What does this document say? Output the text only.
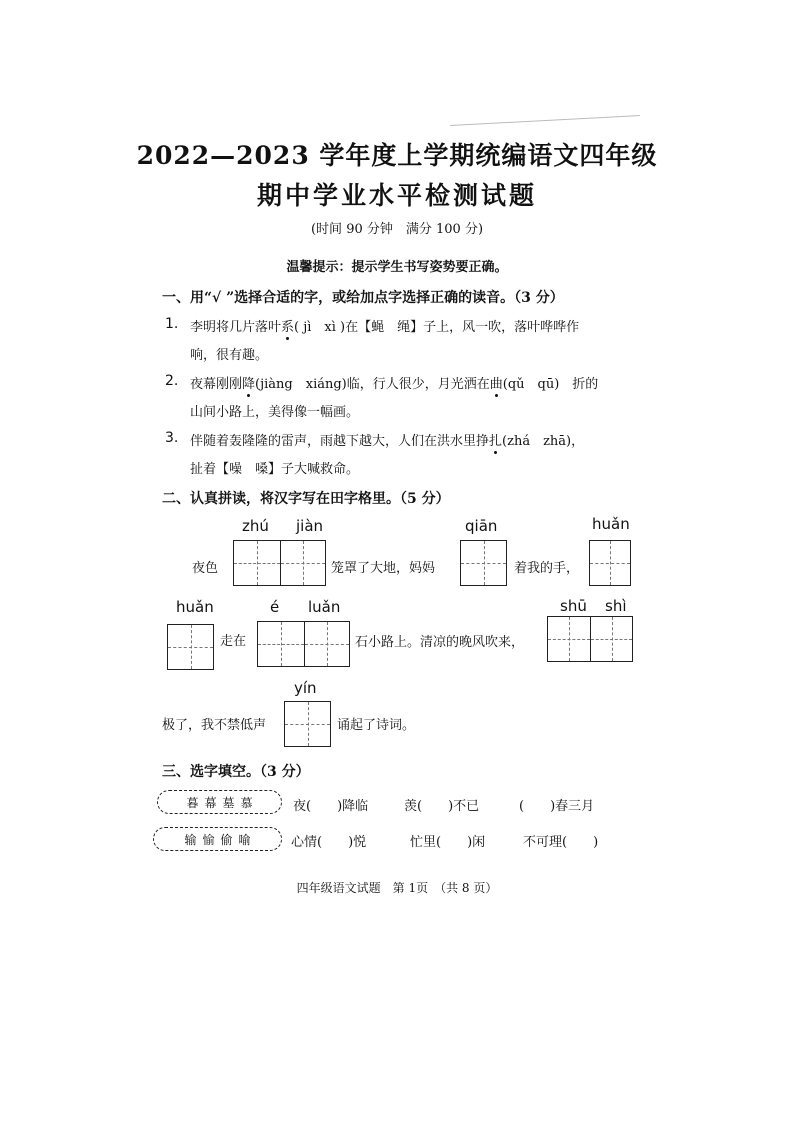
2022—2023 学年度上学期统编语文四年级
期中学业水平检测试题
(时间 90 分钟　满分 100 分)
温馨提示：提示学生书写姿势要正确。
一、用“√ ”选择合适的字，或给加点字选择正确的读音。（3 分）
1. 李明将几片落叶系( jì　xì )在【蝇　绳】子上，风一吹，落叶哗哗作
响，很有趣。
2. 夜幕刚刚降(jiàng　xiáng)临，行人很少，月光洒在曲(qǔ　qū)　折的
山间小路上，美得像一幅画。
3. 伴随着轰隆隆的雷声，雨越下越大，人们在洪水里挣扎(zhá　zhā)，
扯着【噪　嗓】子大喊救命。
二、认真拼读，将汉字写在田字格里。（5 分）
zhú jiàn	qiān	huǎn
夜色	笼罩了大地，妈妈	着我的手，
huǎn	é luǎn	shū shì
走在	石小路上。清凉的晚风吹来，
yín
极了，我不禁低声	诵起了诗词。
三、选字填空。（3 分）
暮幕墓慕	夜(　　)降临	羡(　　)不已	(　　)春三月
输愉偷喻	心情(　　)悦	忙里(　　)闲	不可理(　　)
四年级语文试题　第 1页　（共 8 页）
